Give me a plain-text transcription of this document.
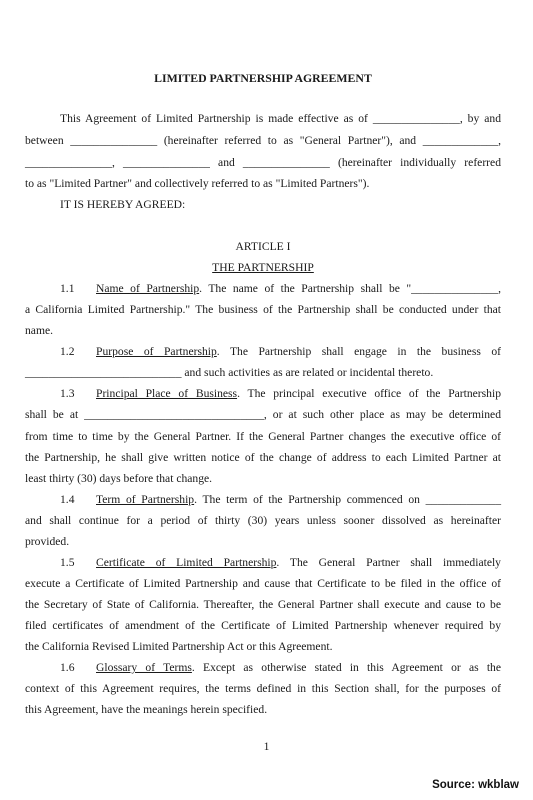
LIMITED PARTNERSHIP AGREEMENT
This Agreement of Limited Partnership is made effective as of _______________, by and
between _______________ (hereinafter referred to as "General Partner"), and _____________,
_______________, _______________ and _______________ (hereinafter individually referred
to as "Limited Partner" and collectively referred to as "Limited Partners").
IT IS HEREBY AGREED:
ARTICLE I
THE PARTNERSHIP
1.1 Name of Partnership. The name of the Partnership shall be "_______________,
a California Limited Partnership." The business of the Partnership shall be conducted under that
name.
1.2 Purpose of Partnership. The Partnership shall engage in the business of
___________________________ and such activities as are related or incidental thereto.
1.3 Principal Place of Business. The principal executive office of the Partnership
shall be at _______________________________, or at such other place as may be determined
from time to time by the General Partner. If the General Partner changes the executive office of
the Partnership, he shall give written notice of the change of address to each Limited Partner at
least thirty (30) days before that change.
1.4 Term of Partnership. The term of the Partnership commenced on _____________
and shall continue for a period of thirty (30) years unless sooner dissolved as hereinafter
provided.
1.5 Certificate of Limited Partnership. The General Partner shall immediately
execute a Certificate of Limited Partnership and cause that Certificate to be filed in the office of
the Secretary of State of California. Thereafter, the General Partner shall execute and cause to be
filed certificates of amendment of the Certificate of Limited Partnership whenever required by
the California Revised Limited Partnership Act or this Agreement.
1.6 Glossary of Terms. Except as otherwise stated in this Agreement or as the
context of this Agreement requires, the terms defined in this Section shall, for the purposes of
this Agreement, have the meanings herein specified.
1
Source: wkblaw
